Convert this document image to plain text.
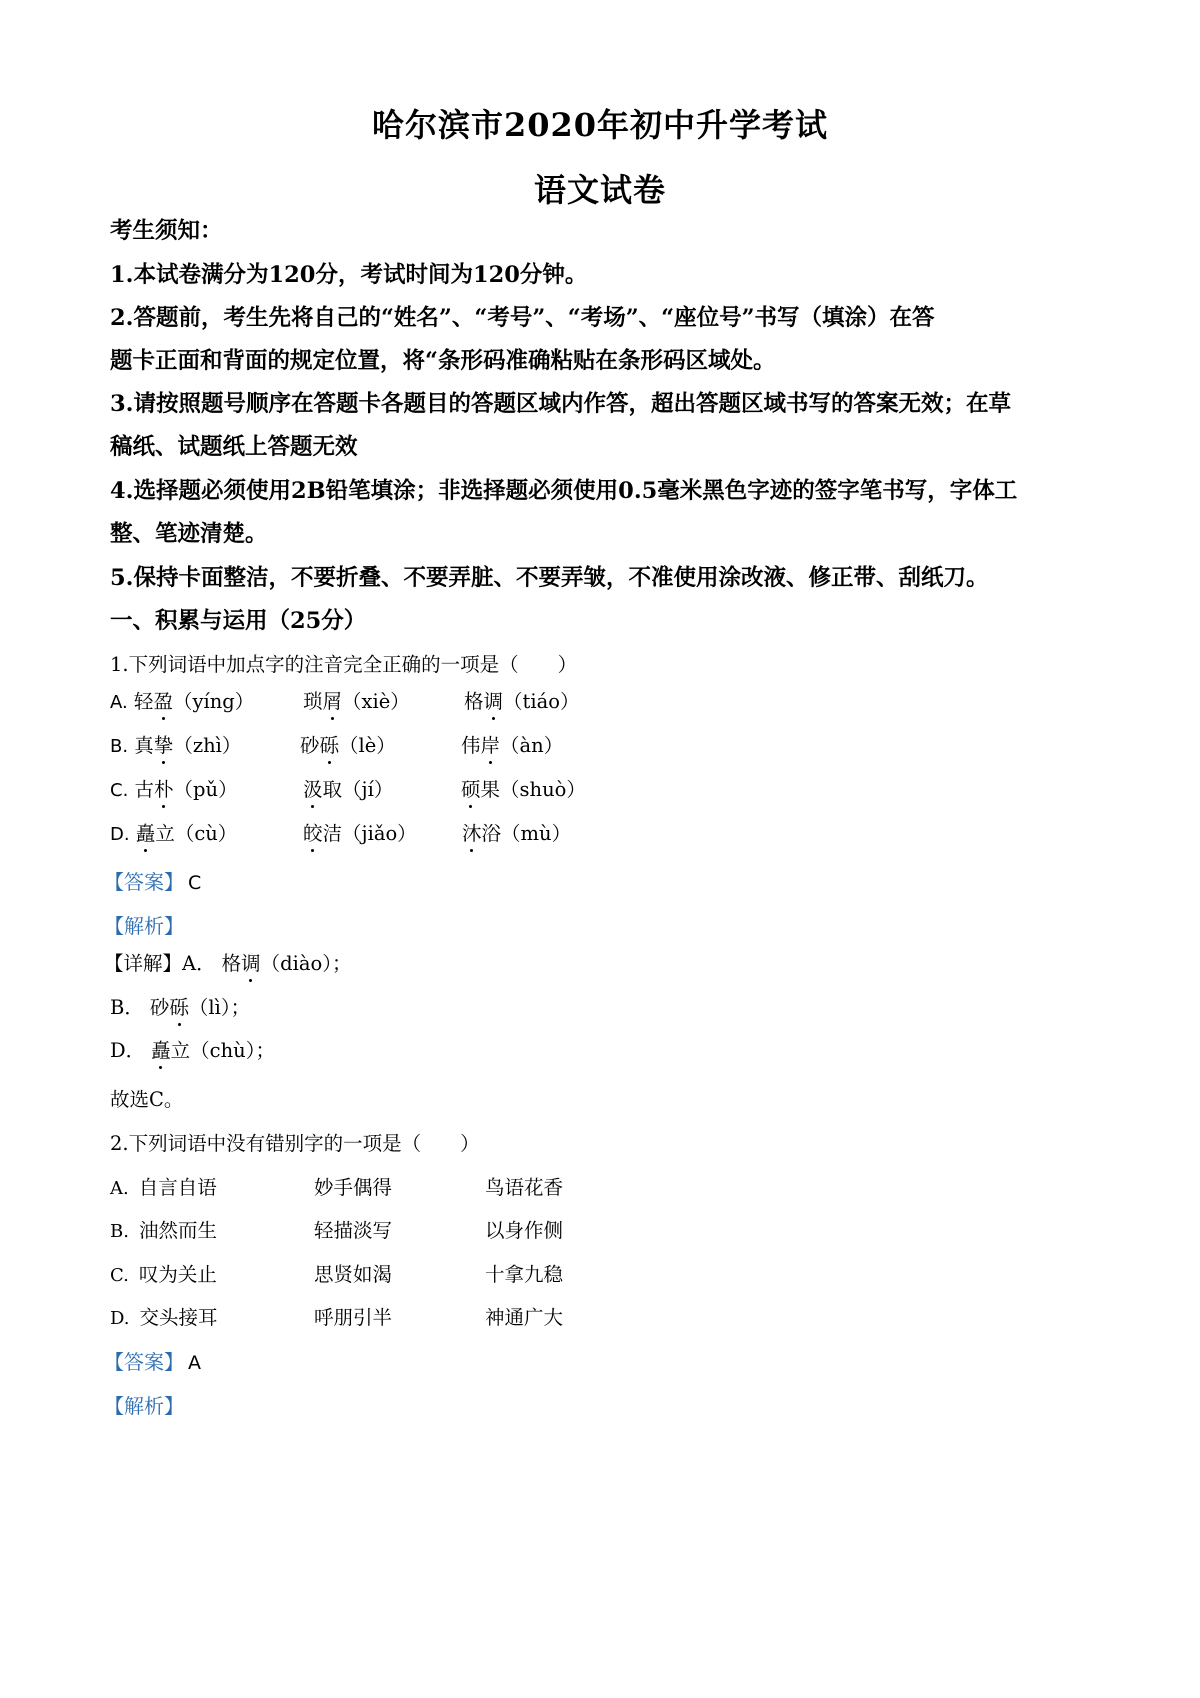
哈尔滨市2020年初中升学考试
语文试卷
考生须知：
1.本试卷满分为120分，考试时间为120分钟。
2.答题前，考生先将自己的“姓名”、“考号”、“考场”、“座位号”书写（填涂）在答
题卡正面和背面的规定位置，将“条形码准确粘贴在条形码区域处。
3.请按照题号顺序在答题卡各题目的答题区域内作答，超出答题区域书写的答案无效；在草
稿纸、试题纸上答题无效
4.选择题必须使用2B铅笔填涂；非选择题必须使用0.5毫米黑色字迹的签字笔书写，字体工
整、笔迹清楚。
5.保持卡面整洁，不要折叠、不要弄脏、不要弄皱，不准使用涂改液、修正带、刮纸刀。
一、积累与运用（25分）
1.下列词语中加点字的注音完全正确的一项是（　　）
A. 轻盈（yíng）	琐屑（xiè）	格调（tiáo）
B. 真挚（zhì）	砂砾（lè）	伟岸（àn）
C. 古朴（pǔ）	汲取（jí）	硕果（shuò）
D. 矗立（cù）	皎洁（jiǎo） 沐浴（mù）
【答案】 C
【解析】
【详解】A． 格调（diào）；
B． 砂砾（lì）；
D． 矗立（chù）；
故选C。
2.下列词语中没有错别字的一项是（　　）
A. 自言自语	妙手偶得	鸟语花香
B. 油然而生	轻描淡写	以身作侧
C. 叹为关止	思贤如渴	十拿九稳
D. 交头接耳	呼朋引半	神通广大
【答案】 A
【解析】
